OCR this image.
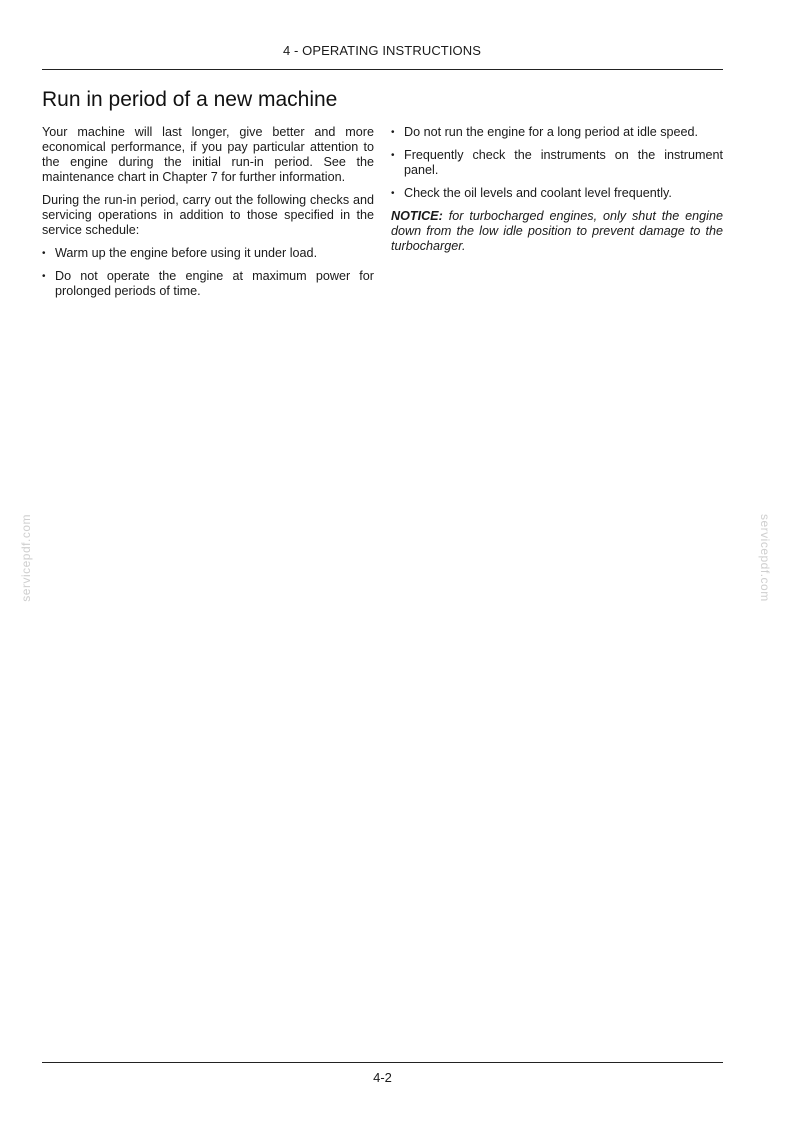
4 - OPERATING INSTRUCTIONS
Run in period of a new machine

Your machine will last longer, give better and more economical performance, if you pay particular attention to the engine during the initial run-in period. See the maintenance chart in Chapter 7 for further information.

During the run-in period, carry out the following checks and servicing operations in addition to those specified in the service schedule:

• Warm up the engine before using it under load.
• Do not operate the engine at maximum power for prolonged periods of time.
• Do not run the engine for a long period at idle speed.
• Frequently check the instruments on the instrument panel.
• Check the oil levels and coolant level frequently.

NOTICE: for turbocharged engines, only shut the engine down from the low idle position to prevent damage to the turbocharger.

servicepdf.com	servicepdf.com
4-2
